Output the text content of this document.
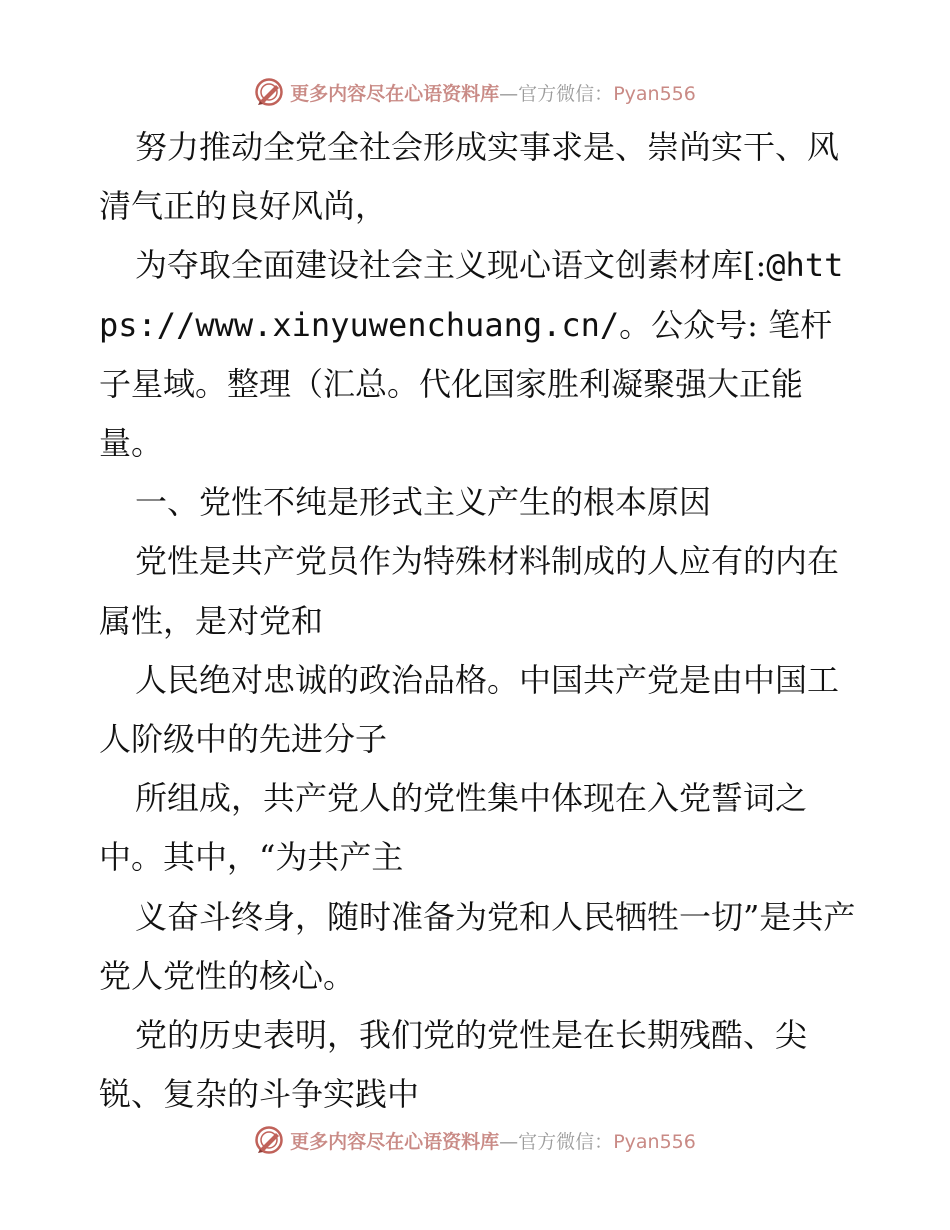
更多内容尽在心语资料库—官方微信：Pyan556

努力推动全党全社会形成实事求是、崇尚实干、风清气正的良好风尚，

为夺取全面建设社会主义现心语文创素材库[:@https://www.xinyuwenchuang.cn/。公众号: 笔杆子星域。整理（汇总。代化国家胜利凝聚强大正能量。

一、党性不纯是形式主义产生的根本原因

党性是共产党员作为特殊材料制成的人应有的内在属性，是对党和

人民绝对忠诚的政治品格。中国共产党是由中国工人阶级中的先进分子

所组成，共产党人的党性集中体现在入党誓词之中。其中，“为共产主

义奋斗终身，随时准备为党和人民牺牲一切”是共产党人党性的核心。

党的历史表明，我们党的党性是在长期残酷、尖锐、复杂的斗争实践中

更多内容尽在心语资料库—官方微信：Pyan556
